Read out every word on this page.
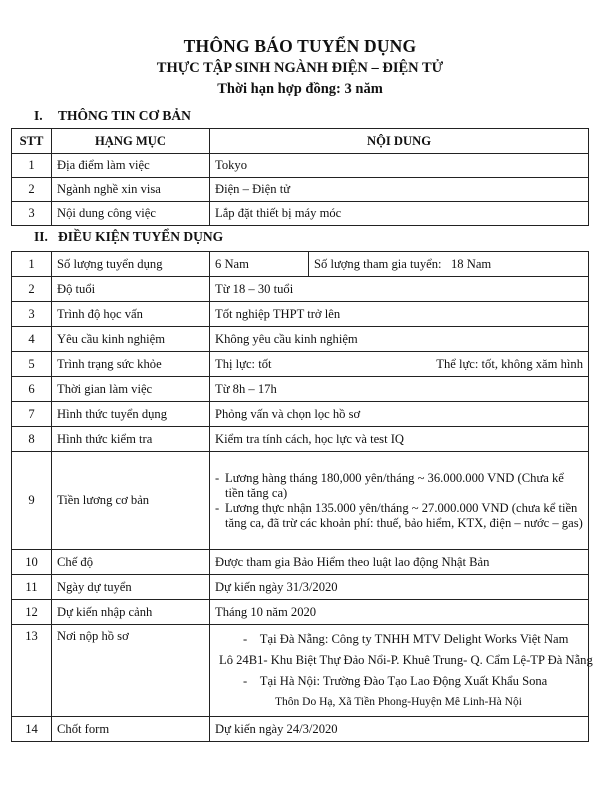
THÔNG BÁO TUYỂN DỤNG
THỰC TẬP SINH NGÀNH ĐIỆN – ĐIỆN TỬ
Thời hạn hợp đồng: 3 năm
I. THÔNG TIN CƠ BẢN
STT	HẠNG MỤC	NỘI DUNG
1	Địa điểm làm việc	Tokyo
2	Ngành nghề xin visa	Điện – Điện tử
3	Nội dung công việc	Lắp đặt thiết bị máy móc
II. ĐIỀU KIỆN TUYỂN DỤNG
1	Số lượng tuyển dụng	6 Nam	Số lượng tham gia tuyển: 18 Nam
2	Độ tuổi	Từ 18 – 30 tuổi	
3	Trình độ học vấn	Tốt nghiệp THPT trở lên	
4	Yêu cầu kinh nghiệm	Không yêu cầu kinh nghiệm	
5	Trình trạng sức khỏe	Thị lực: tốt Thể lực: tốt, không xăm hình	

6	Thời gian làm việc	Từ 8h – 17h	
7	Hình thức tuyển dụng	Phỏng vấn và chọn lọc hồ sơ	
8	Hình thức kiểm tra	Kiểm tra tính cách, học lực và test IQ	
9	Tiền lương cơ bản	- Lương hàng tháng 180,000 yên/tháng ~ 36.000.000 VND (Chưa kể tiền tăng ca)
- Lương thực nhận 135.000 yên/tháng ~ 27.000.000 VND (chưa kể tiền tăng ca, đã trừ các khoản phí: thuế, bảo hiểm, KTX, điện – nước – gas)	

10	Chế độ	Được tham gia Bảo Hiểm theo luật lao động Nhật Bản	
11	Ngày dự tuyển	Dự kiến ngày 31/3/2020	
12	Dự kiến nhập cảnh	Tháng 10 năm 2020	
13	Nơi nộp hồ sơ	-    Tại Đà Nẵng: Công ty TNHH MTV Delight Works Việt Nam
Lô 24B1- Khu Biệt Thự Đảo Nổi-P. Khuê Trung- Q. Cẩm Lệ-TP Đà Nẵng
-    Tại Hà Nội: Trường Đào Tạo Lao Động Xuất Khẩu Sona
Thôn Do Hạ, Xã Tiền Phong-Huyện Mê Linh-Hà Nội	

14	Chốt form	Dự kiến ngày 24/3/2020	
